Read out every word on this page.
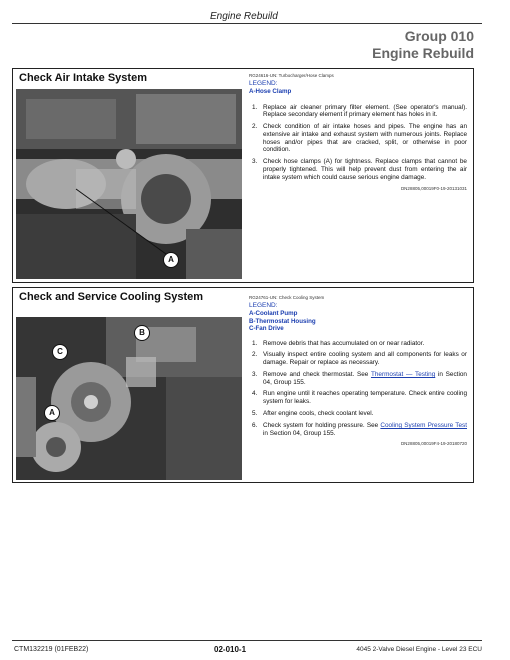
Engine Rebuild
Group 010
Engine Rebuild
Check Air Intake System
A
RG24616-UN: Turbocharger/Hose Clamps
LEGEND:
A-Hose Clamp
1. Replace air cleaner primary filter element. (See operator's manual). Replace secondary element if primary element has holes in it.
2. Check condition of air intake hoses and pipes. The engine has an extensive air intake and exhaust system with numerous joints. Replace hoses and/or pipes that are cracked, split, or otherwise in poor condition.
3. Check hose clamps (A) for tightness. Replace clamps that cannot be properly tightened. This will help prevent dust from entering the air intake system which could cause serious engine damage.
DN28805,00019F0-19-20131031
Check and Service Cooling System
B
C
A
RG24761-UN: Check Cooling System
LEGEND:
A-Coolant Pump
B-Thermostat Housing
C-Fan Drive
1. Remove debris that has accumulated on or near radiator.
2. Visually inspect entire cooling system and all components for leaks or damage. Repair or replace as necessary.
3. Remove and check thermostat. See Thermostat — Testing in Section 04, Group 155.
4. Run engine until it reaches operating temperature. Check entire cooling system for leaks.
5. After engine cools, check coolant level.
6. Check system for holding pressure. See Cooling System Pressure Test in Section 04, Group 155.
DN28805,00019F4-19-20180720
CTM132219 (01FEB22)	02-010-1	4045 2-Valve Diesel Engine - Level 23 ECU
